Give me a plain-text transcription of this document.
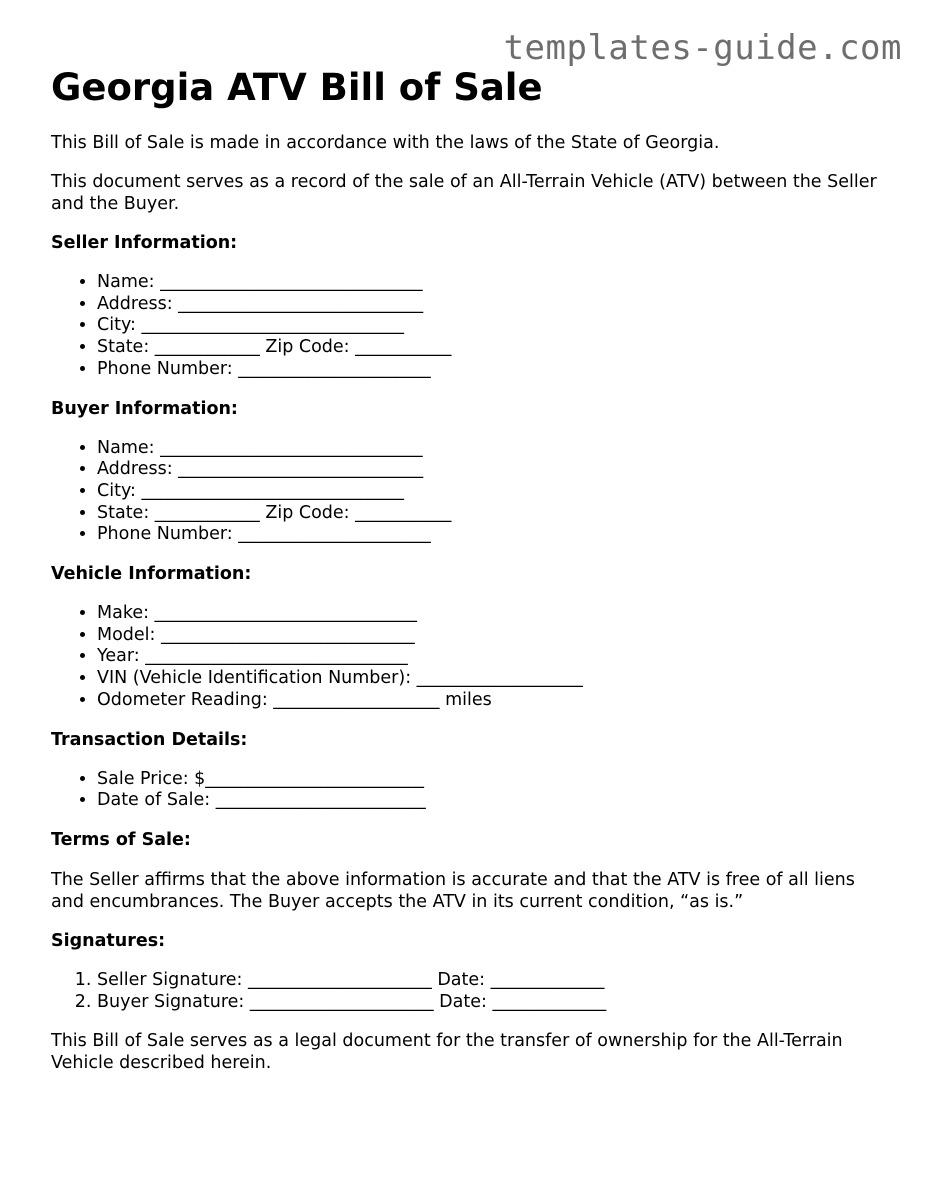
templates-guide.com
Georgia ATV Bill of Sale

This Bill of Sale is made in accordance with the laws of the State of Georgia.

This document serves as a record of the sale of an All-Terrain Vehicle (ATV) between the Seller and the Buyer.

Seller Information:
• Name: ______________________________
• Address: ____________________________
• City: ______________________________
• State: ____________ Zip Code: ___________
• Phone Number: ______________________
Buyer Information:
• Name: ______________________________
• Address: ____________________________
• City: ______________________________
• State: ____________ Zip Code: ___________
• Phone Number: ______________________
Vehicle Information:
• Make: ______________________________
• Model: _____________________________
• Year: ______________________________
• VIN (Vehicle Identification Number): ___________________
• Odometer Reading: ___________________ miles
Transaction Details:
• Sale Price: $_________________________
• Date of Sale: ________________________
Terms of Sale:

The Seller affirms that the above information is accurate and that the ATV is free of all liens and encumbrances. The Buyer accepts the ATV in its current condition, “as is.”

Signatures:
1. Seller Signature: _____________________ Date: _____________
2. Buyer Signature: _____________________ Date: _____________

This Bill of Sale serves as a legal document for the transfer of ownership for the All-Terrain Vehicle described herein.
